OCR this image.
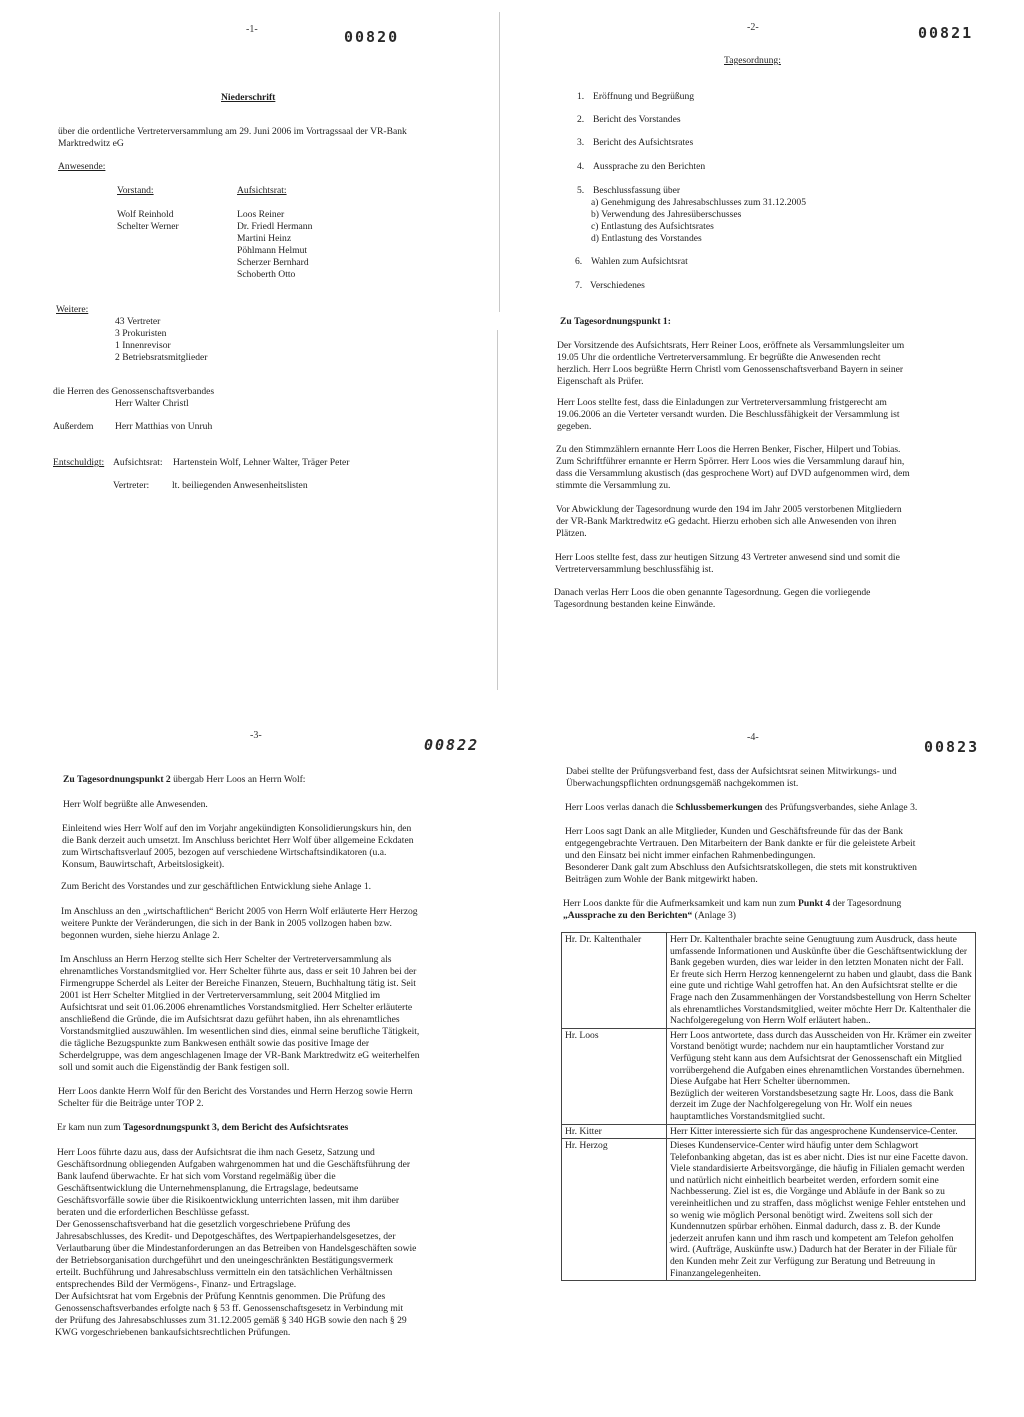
-1-	00820
Niederschrift
über die ordentliche Vertreterversammlung am 29. Juni 2006 im Vortragssaal der VR-Bank
Marktredwitz eG
Anwesende:
Vorstand:
Wolf Reinhold
Schelter Werner
Aufsichtsrat:
Loos Reiner
Dr. Friedl Hermann
Martini Heinz
Pöhlmann Helmut
Scherzer Bernhard
Schoberth Otto
Weitere:
43 Vertreter
3 Prokuristen
1 Innenrevisor
2 Betriebsratsmitglieder
die Herren des Genossenschaftsverbandes
Herr Walter Christl
Außerdem Herr Matthias von Unruh
Entschuldigt: Aufsichtsrat: Hartenstein Wolf, Lehner Walter, Träger Peter
Vertreter: lt. beiliegenden Anwesenheitslisten
-2-	00821
Tagesordnung:
1. Eröffnung und Begrüßung
2. Bericht des Vorstandes
3. Bericht des Aufsichtsrates
4. Aussprache zu den Berichten
5. Beschlussfassung über
a) Genehmigung des Jahresabschlusses zum 31.12.2005
b) Verwendung des Jahresüberschusses
c) Entlastung des Aufsichtsrates
d) Entlastung des Vorstandes
6. Wahlen zum Aufsichtsrat
7. Verschiedenes
Zu Tagesordnungspunkt 1:
Der Vorsitzende des Aufsichtsrats, Herr Reiner Loos, eröffnete als Versammlungsleiter um
19.05 Uhr die ordentliche Vertreterversammlung. Er begrüßte die Anwesenden recht
herzlich. Herr Loos begrüßte Herrn Christl vom Genossenschaftsverband Bayern in seiner
Eigenschaft als Prüfer.
Herr Loos stellte fest, dass die Einladungen zur Vertreterversammlung fristgerecht am
19.06.2006 an die Verteter versandt wurden. Die Beschlussfähigkeit der Versammlung ist
gegeben.
Zu den Stimmzählern ernannte Herr Loos die Herren Benker, Fischer, Hilpert und Tobias.
Zum Schriftführer ernannte er Herrn Spörrer. Herr Loos wies die Versammlung darauf hin,
dass die Versammlung akustisch (das gesprochene Wort) auf DVD aufgenommen wird, dem
stimmte die Versammlung zu.
Vor Abwicklung der Tagesordnung wurde den 194 im Jahr 2005 verstorbenen Mitgliedern
der VR-Bank Marktredwitz eG gedacht. Hierzu erhoben sich alle Anwesenden von ihren
Plätzen.
Herr Loos stellte fest, dass zur heutigen Sitzung 43 Vertreter anwesend sind und somit die
Vertreterversammlung beschlussfähig ist.
Danach verlas Herr Loos die oben genannte Tagesordnung. Gegen die vorliegende
Tagesordnung bestanden keine Einwände.
-3-
00822
Zu Tagesordnungspunkt 2 übergab Herr Loos an Herrn Wolf:
Herr Wolf begrüßte alle Anwesenden.
Einleitend wies Herr Wolf auf den im Vorjahr angekündigten Konsolidierungskurs hin, den
die Bank derzeit auch umsetzt. Im Anschluss berichtet Herr Wolf über allgemeine Eckdaten
zum Wirtschaftsverlauf 2005, bezogen auf verschiedene Wirtschaftsindikatoren (u.a.
Konsum, Bauwirtschaft, Arbeitslosigkeit).
Zum Bericht des Vorstandes und zur geschäftlichen Entwicklung siehe Anlage 1.
Im Anschluss an den „wirtschaftlichen“ Bericht 2005 von Herrn Wolf erläuterte Herr Herzog
weitere Punkte der Veränderungen, die sich in der Bank in 2005 vollzogen haben bzw.
begonnen wurden, siehe hierzu Anlage 2.
Im Anschluss an Herrn Herzog stellte sich Herr Schelter der Vertreterversammlung als
ehrenamtliches Vorstandsmitglied vor. Herr Schelter führte aus, dass er seit 10 Jahren bei der
Firmengruppe Scherdel als Leiter der Bereiche Finanzen, Steuern, Buchhaltung tätig ist. Seit
2001 ist Herr Schelter Mitglied in der Vertreterversammlung, seit 2004 Mitglied im
Aufsichtsrat und seit 01.06.2006 ehrenamtliches Vorstandsmitglied. Herr Schelter erläuterte
anschließend die Gründe, die im Aufsichtsrat dazu geführt haben, ihn als ehrenamtliches
Vorstandsmitglied auszuwählen. Im wesentlichen sind dies, einmal seine berufliche Tätigkeit,
die tägliche Bezugspunkte zum Bankwesen enthält sowie das positive Image der
Scherdelgruppe, was dem angeschlagenen Image der VR-Bank Marktredwitz eG weiterhelfen
soll und somit auch die Eigenständig der Bank festigen soll.
Herr Loos dankte Herrn Wolf für den Bericht des Vorstandes und Herrn Herzog sowie Herrn
Schelter für die Beiträge unter TOP 2.
Er kam nun zum Tagesordnungspunkt 3, dem Bericht des Aufsichtsrates
Herr Loos führte dazu aus, dass der Aufsichtsrat die ihm nach Gesetz, Satzung und
Geschäftsordnung obliegenden Aufgaben wahrgenommen hat und die Geschäftsführung der
Bank laufend überwachte. Er hat sich vom Vorstand regelmäßig über die
Geschäftsentwicklung die Unternehmensplanung, die Ertragslage, bedeutsame
Geschäftsvorfälle sowie über die Risikoentwicklung unterrichten lassen, mit ihm darüber
beraten und die erforderlichen Beschlüsse gefasst.
Der Genossenschaftsverband hat die gesetzlich vorgeschriebene Prüfung des
Jahresabschlusses, des Kredit- und Depotgeschäftes, des Wertpapierhandelsgesetzes, der
Verlautbarung über die Mindestanforderungen an das Betreiben von Handelsgeschäften sowie
der Betriebsorganisation durchgeführt und den uneingeschränkten Bestätigungsvermerk
erteilt. Buchführung und Jahresabschluss vermitteln ein den tatsächlichen Verhältnissen
entsprechendes Bild der Vermögens-, Finanz- und Ertragslage.
Der Aufsichtsrat hat vom Ergebnis der Prüfung Kenntnis genommen. Die Prüfung des
Genossenschaftsverbandes erfolgte nach § 53 ff. Genossenschaftsgesetz in Verbindung mit
der Prüfung des Jahresabschlusses zum 31.12.2005 gemäß § 340 HGB sowie den nach § 29
KWG vorgeschriebenen bankaufsichtsrechtlichen Prüfungen.
-4-
00823
Dabei stellte der Prüfungsverband fest, dass der Aufsichtsrat seinen Mitwirkungs- und
Überwachungspflichten ordnungsgemäß nachgekommen ist.
Herr Loos verlas danach die Schlussbemerkungen des Prüfungsverbandes, siehe Anlage 3.
Herr Loos sagt Dank an alle Mitglieder, Kunden und Geschäftsfreunde für das der Bank
entgegengebrachte Vertrauen. Den Mitarbeitern der Bank dankte er für die geleistete Arbeit
und den Einsatz bei nicht immer einfachen Rahmenbedingungen.
Besonderer Dank galt zum Abschluss den Aufsichtsratskollegen, die stets mit konstruktiven
Beiträgen zum Wohle der Bank mitgewirkt haben.
Herr Loos dankte für die Aufmerksamkeit und kam nun zum Punkt 4 der Tagesordnung
„Aussprache zu den Berichten“ (Anlage 3)
Hr. Dr. Kaltenthaler	Herr Dr. Kaltenthaler brachte seine Genugtuung zum Ausdruck, dass heute umfassende Informationen und Auskünfte über die Geschäftsentwicklung der Bank gegeben wurden, dies war leider in den letzten Monaten nicht der Fall. Er freute sich Herrn Herzog kennengelernt zu haben und glaubt, dass die Bank eine gute und richtige Wahl getroffen hat. An den Aufsichtsrat stellte er die Frage nach den Zusammenhängen der Vorstandsbestellung von Herrn Schelter als ehrenamtliches Vorstandsmitglied, weiter möchte Herr Dr. Kaltenthaler die Nachfolgeregelung von Herrn Wolf erläutert haben..
Hr. Loos	Herr Loos antwortete, dass durch das Ausscheiden von Hr. Krämer ein zweiter Vorstand benötigt wurde; nachdem nur ein hauptamtlicher Vorstand zur Verfügung steht kann aus dem Aufsichtsrat der Genossenschaft ein Mitglied vorrübergehend die Aufgaben eines ehrenamtlichen Vorstandes übernehmen. Diese Aufgabe hat Herr Schelter übernommen.
Bezüglich der weiteren Vorstandsbesetzung sagte Hr. Loos, dass die Bank derzeit im Zuge der Nachfolgeregelung von Hr. Wolf ein neues hauptamtliches Vorstandsmitglied sucht.

Hr. Kitter	Herr Kitter interessierte sich für das angesprochene Kundenservice-Center.
Hr. Herzog	Dieses Kundenservice-Center wird häufig unter dem Schlagwort Telefonbanking abgetan, das ist es aber nicht. Dies ist nur eine Facette davon. Viele standardisierte Arbeitsvorgänge, die häufig in Filialen gemacht werden und natürlich nicht einheitlich bearbeitet werden, erfordern somit eine Nachbesserung. Ziel ist es, die Vorgänge und Abläufe in der Bank so zu vereinheitlichen und zu straffen, dass möglichst wenige Fehler entstehen und so wenig wie möglich Personal benötigt wird. Zweitens soll sich der Kundennutzen spürbar erhöhen. Einmal dadurch, dass z. B. der Kunde jederzeit anrufen kann und ihm rasch und kompetent am Telefon geholfen wird. (Aufträge, Auskünfte usw.) Dadurch hat der Berater in der Filiale für den Kunden mehr Zeit zur Verfügung zur Beratung und Betreuung in Finanzangelegenheiten.
